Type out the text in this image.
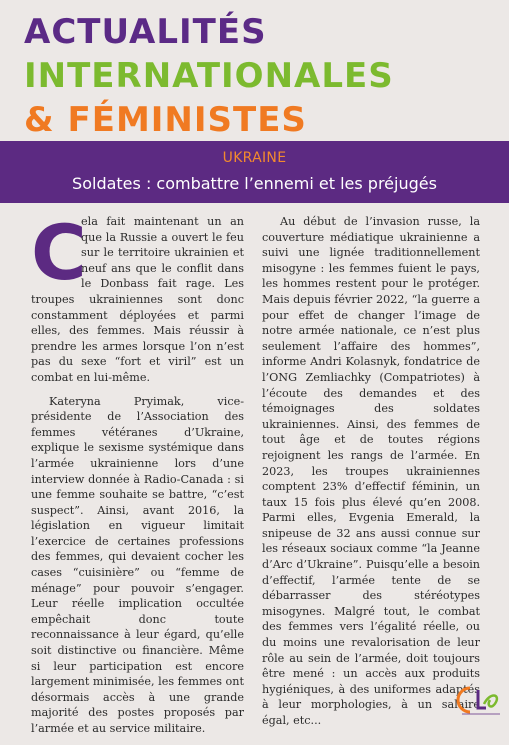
ACTUALITÉS
INTERNATIONALES
& FÉMINISTES
UKRAINE
Soldates : combattre l’ennemi et les préjugés

C
ela fait maintenant un an que la Russie a ouvert le feu sur le territoire ukrainien et neuf ans que le conflit dans le Donbass fait rage. Les troupes ukrainiennes sont donc constamment déployées et parmi elles, des femmes. Mais réussir à prendre les armes lorsque l’on n’est pas du sexe “fort et viril” est un combat en lui-même.

Kateryna Pryimak, vice-présidente de l’Association des femmes vétéranes d’Ukraine, explique le sexisme systémique dans l’armée ukrainienne lors d’une interview donnée à Radio-Canada : si une femme souhaite se battre, “c’est suspect”. Ainsi, avant 2016, la législation en vigueur limitait l’exercice de certaines professions des femmes, qui devaient cocher les cases “cuisinière” ou “femme de ménage” pour pouvoir s’engager. Leur réelle implication occultée empêchait donc toute reconnaissance à leur égard, qu’elle soit distinctive ou financière. Même si leur participation est encore largement minimisée, les femmes ont désormais accès à une grande majorité des postes proposés par l’armée et au service militaire.

Au début de l’invasion russe, la couverture médiatique ukrainienne a suivi une lignée traditionnellement misogyne : les femmes fuient le pays, les hommes restent pour le protéger. Mais depuis février 2022, “la guerre a pour effet de changer l’image de notre armée nationale, ce n’est plus seulement l’affaire des hommes”, informe Andri Kolasnyk, fondatrice de l’ONG Zemliachky (Compatriotes) à l’écoute des demandes et des témoignages des soldates ukrainiennes. Ainsi, des femmes de tout âge et de toutes régions rejoignent les rangs de l’armée. En 2023, les troupes ukrainiennes comptent 23% d’effectif féminin, un taux 15 fois plus élevé qu’en 2008. Parmi elles, Evgenia Emerald, la snipeuse de 32 ans aussi connue sur les réseaux sociaux comme “la Jeanne d’Arc d’Ukraine”. Puisqu’elle a besoin d’effectif, l’armée tente de se débarrasser des stéréotypes misogynes. Malgré tout, le combat des femmes vers l’égalité réelle, ou du moins une revalorisation de leur rôle au sein de l’armée, doit toujours être mené : un accès aux produits hygiéniques, à des uniformes adaptés à leur morphologies, à un salaire égal, etc...
